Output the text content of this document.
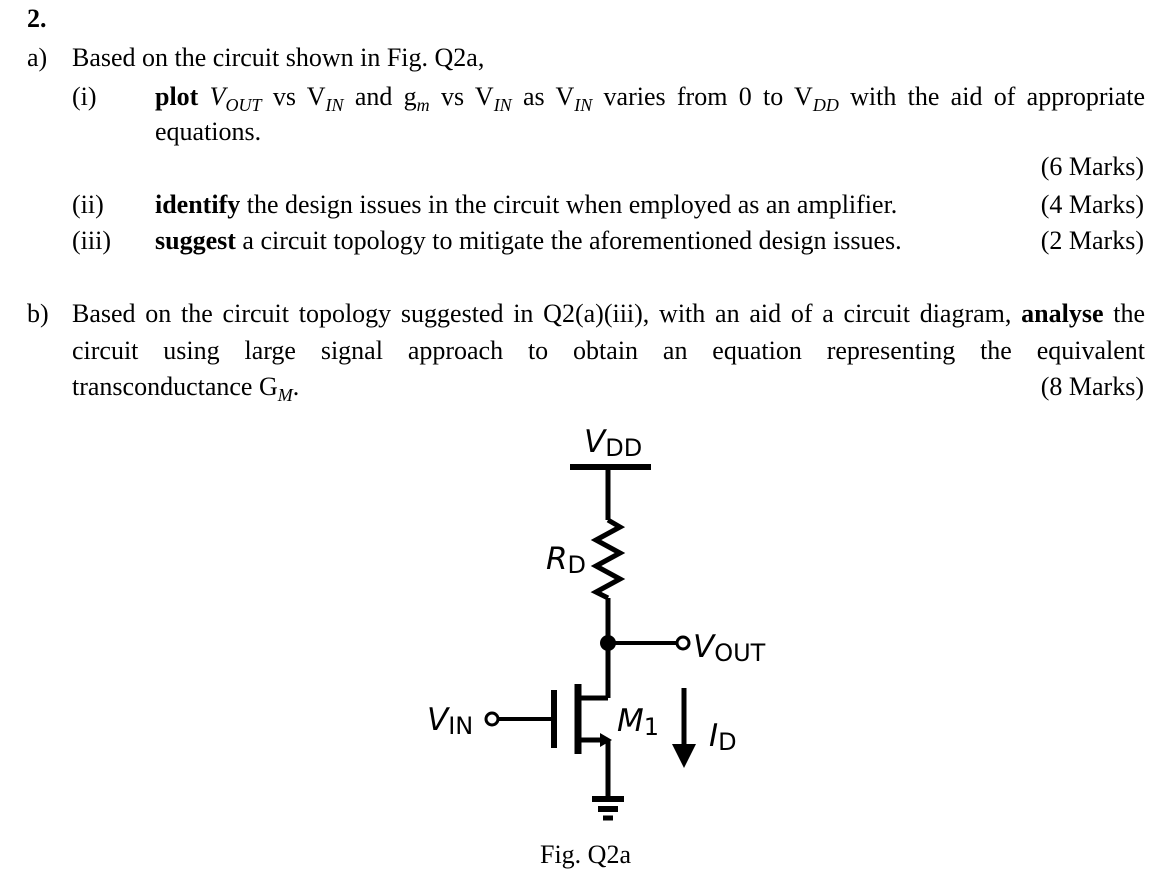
2.
a) Based on the circuit shown in Fig. Q2a,
(i) plot $V_{OUT}$ vs $V_{IN}$ and $g_m$ vs $V_{IN}$ as $V_{IN}$ varies from 0 to $V_{DD}$ with the aid of appropriate
equations.
(6 Marks)
(ii) identify the design issues in the circuit when employed as an amplifier.	(4 Marks)
(iii) suggest a circuit topology to mitigate the aforementioned design issues.	(2 Marks)
b) Based on the circuit topology suggested in Q2(a)(iii), with an aid of a circuit diagram, analyse the
circuit using large signal approach to obtain an equation representing the equivalent
transconductance $G_M$.	(8 Marks)
VDD
RD
VOUT
VIN	M1 ID
Fig. Q2a
